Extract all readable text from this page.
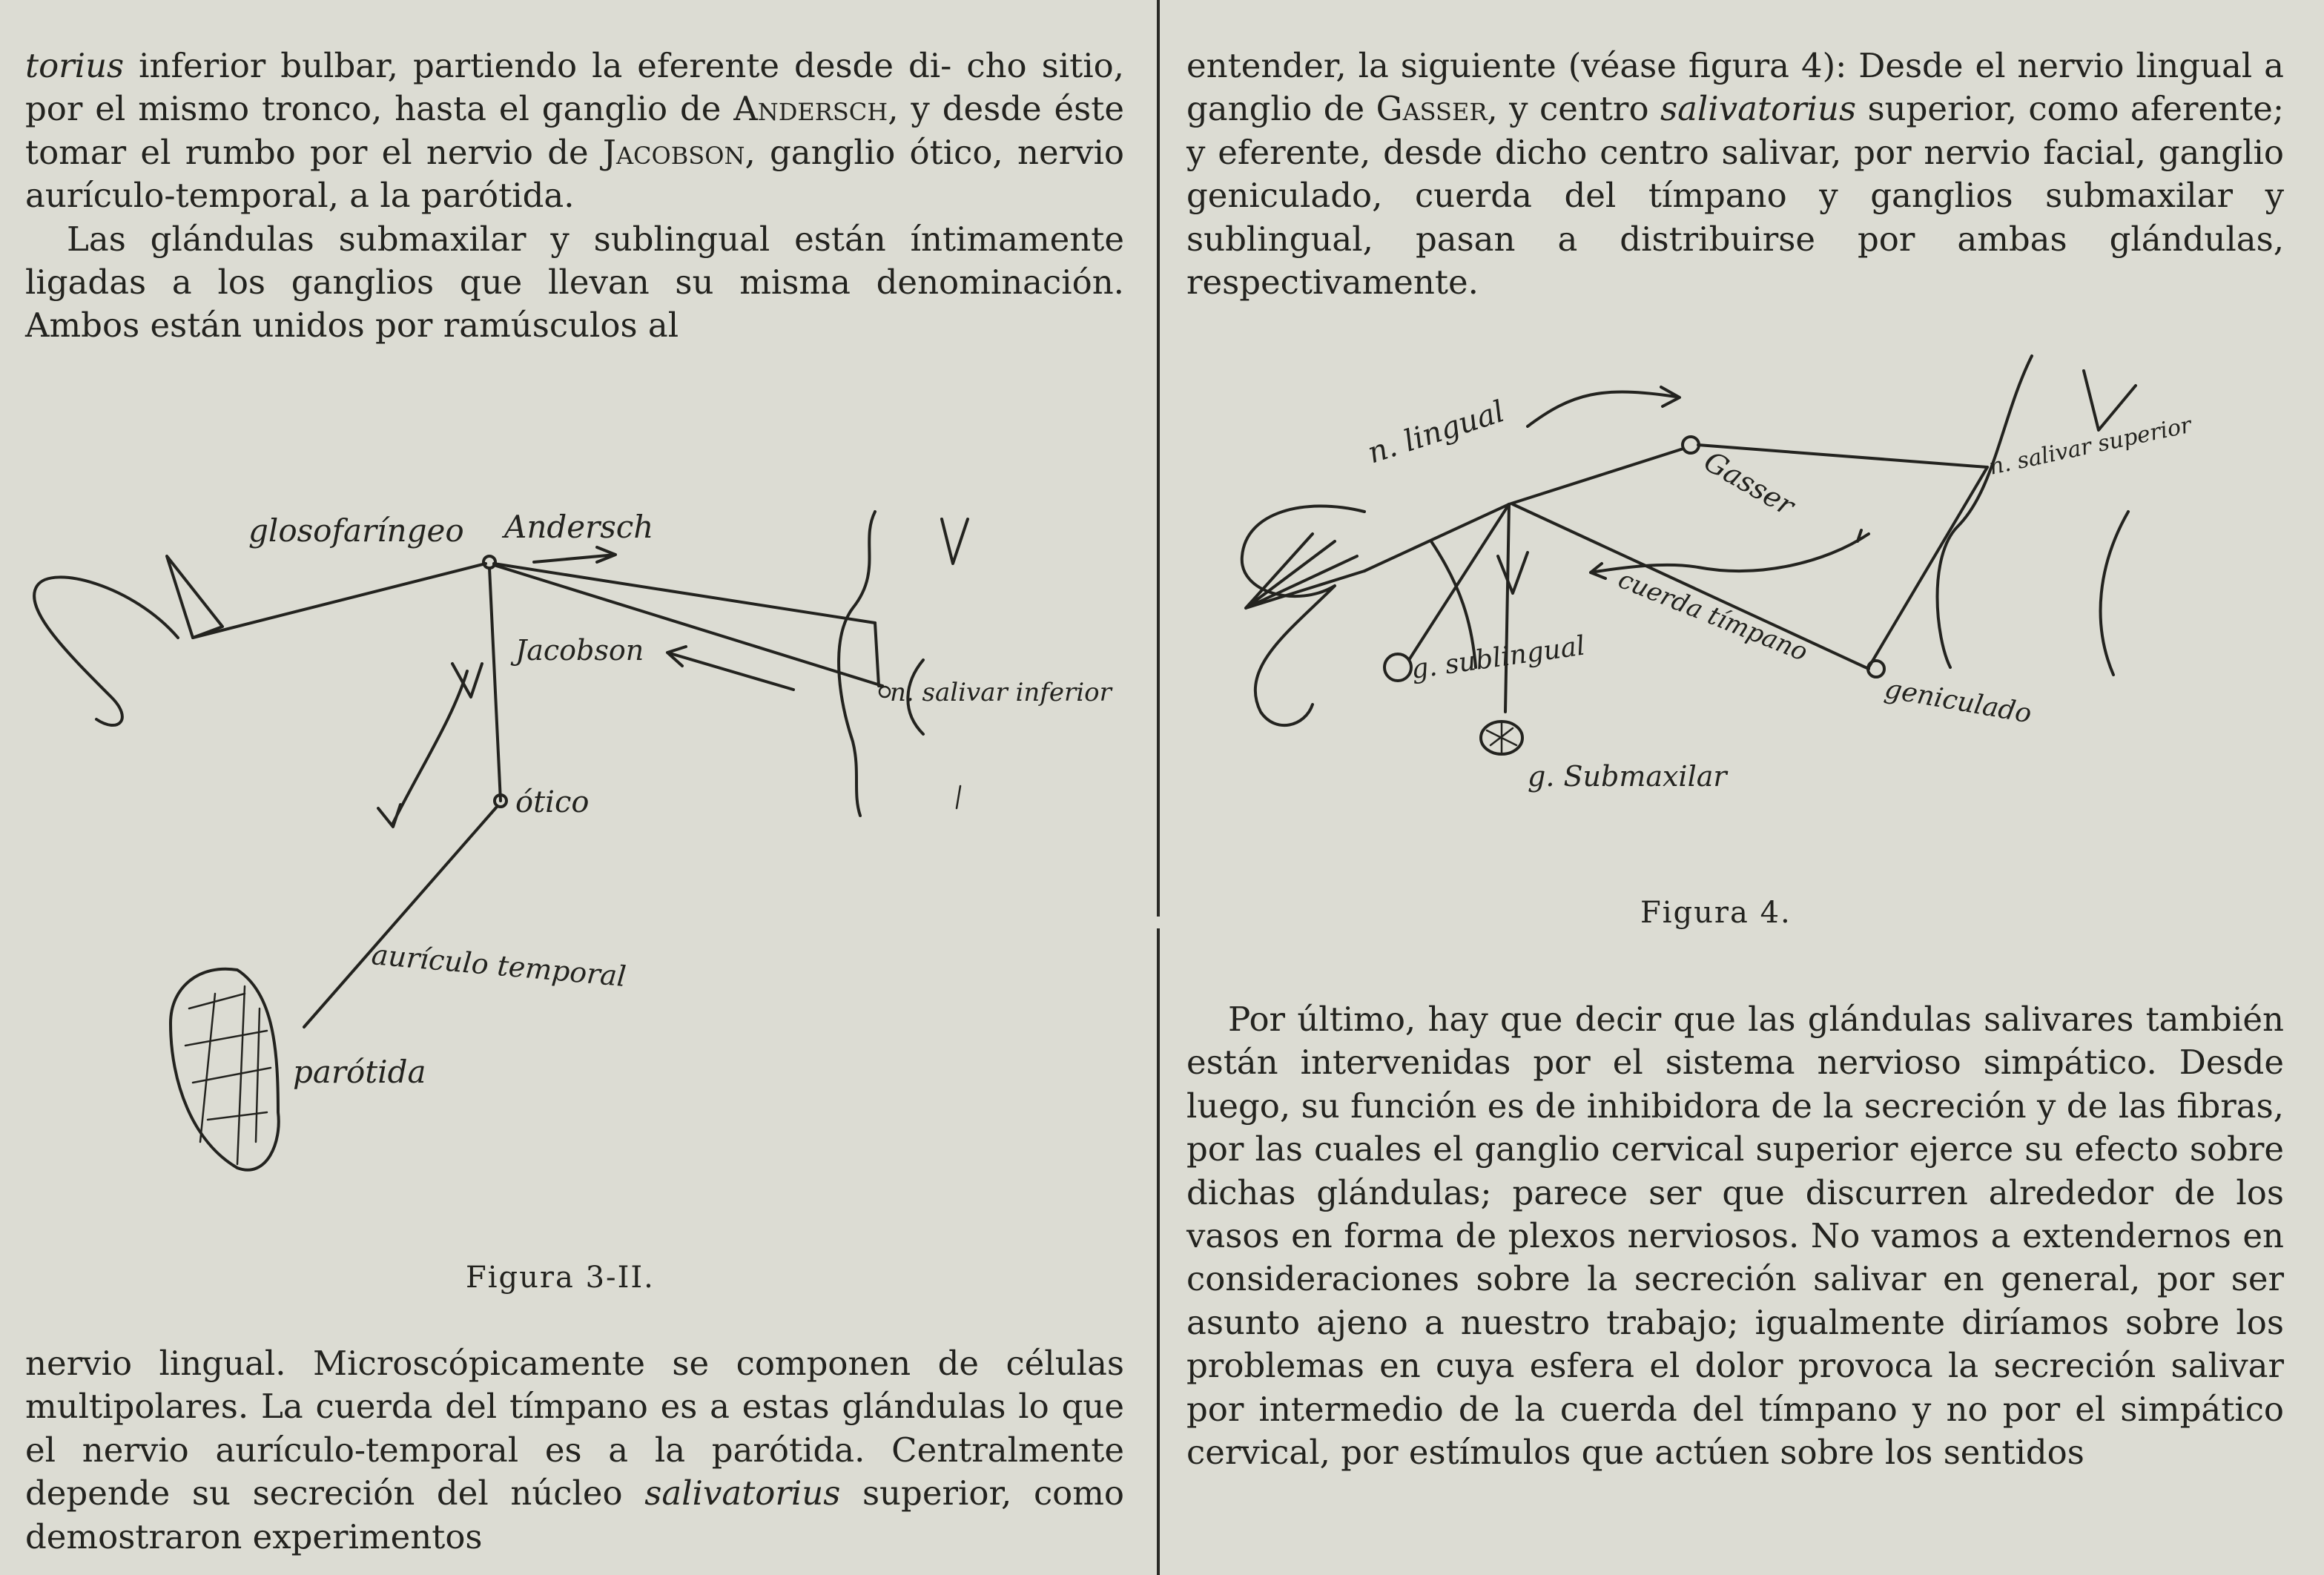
torius inferior bulbar, partiendo la eferente desde di- cho sitio, por el mismo tronco, hasta el ganglio de Andersch, y desde éste tomar el rumbo por el nervio de Jacobson, ganglio ótico, nervio aurículo-temporal, a la parótida.

Las glándulas submaxilar y sublingual están íntimamente ligadas a los ganglios que llevan su misma denominación. Ambos están unidos por ramúsculos al

glosofaríngeo Andersch
Jacobson
n. salivar inferior
ótico
aurículo temporal
parótida
Figura 3-II.

nervio lingual. Microscópicamente se componen de células multipolares. La cuerda del tímpano es a estas glándulas lo que el nervio aurículo-temporal es a la parótida. Centralmente depende su secreción del núcleo salivatorius superior, como demostraron experimentos

entender, la siguiente (véase figura 4): Desde el nervio lingual a ganglio de Gasser, y centro salivatorius superior, como aferente; y eferente, desde dicho centro salivar, por nervio facial, ganglio geniculado, cuerda del tímpano y ganglios submaxilar y sublingual, pasan a distribuirse por ambas glándulas, respectivamente.

n. lingual
Gasser	n. salivar superior
g. sublingual cuerda tímpano
geniculado
g. Submaxilar
Figura 4.

Por último, hay que decir que las glándulas salivares también están intervenidas por el sistema nervioso simpático. Desde luego, su función es de inhibidora de la secreción y de las fibras, por las cuales el ganglio cervical superior ejerce su efecto sobre dichas glándulas; parece ser que discurren alrededor de los vasos en forma de plexos nerviosos. No vamos a extendernos en consideraciones sobre la secreción salivar en general, por ser asunto ajeno a nuestro trabajo; igualmente diríamos sobre los problemas en cuya esfera el dolor provoca la secreción salivar por intermedio de la cuerda del tímpano y no por el simpático cervical, por estímulos que actúen sobre los sentidos
